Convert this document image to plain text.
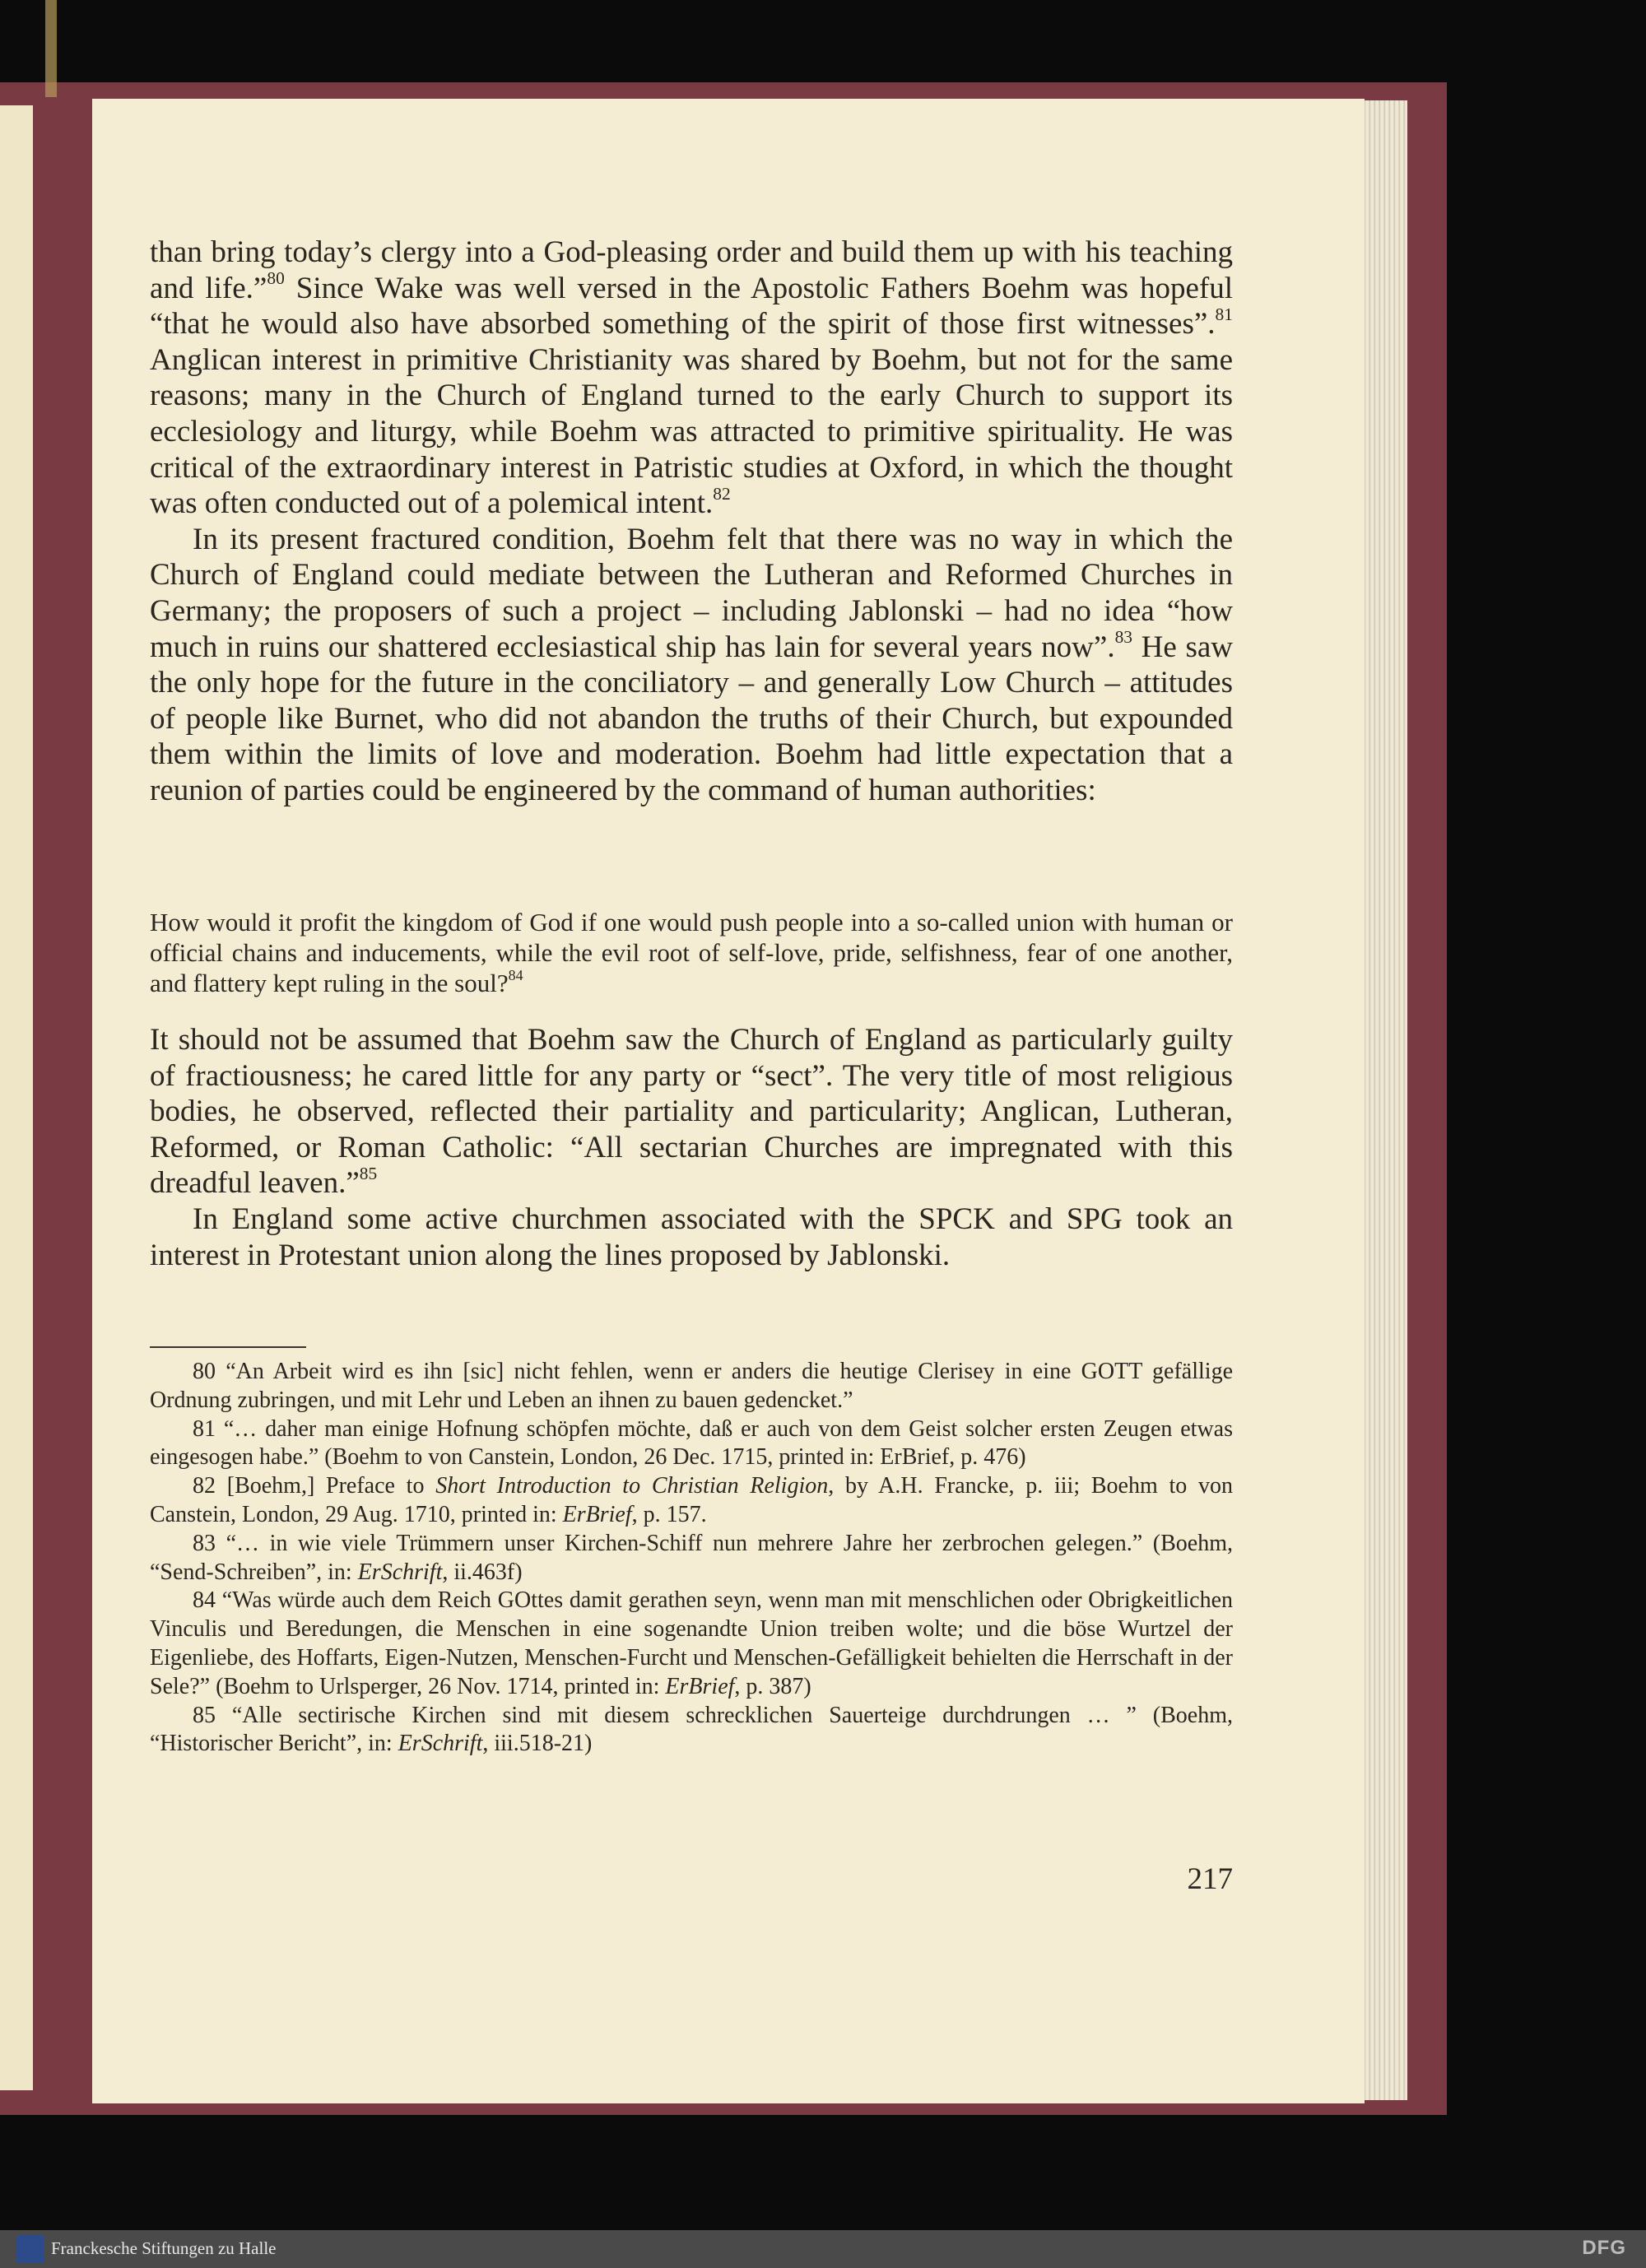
than bring today’s clergy into a God-pleasing order and build them up with his teaching and life.”$^{80}$ Since Wake was well versed in the Apostolic Fathers Boehm was hopeful “that he would also have absorbed something of the spirit of those first witnesses”.$^{81}$ Anglican interest in primitive Christianity was shared by Boehm, but not for the same reasons; many in the Church of England turned to the early Church to support its ecclesiology and liturgy, while Boehm was attracted to primitive spirituality. He was critical of the extraordinary interest in Patristic studies at Oxford, in which the thought was often conducted out of a polemical intent.$^{82}$

In its present fractured condition, Boehm felt that there was no way in which the Church of England could mediate between the Lutheran and Reformed Churches in Germany; the proposers of such a project – including Jablonski – had no idea “how much in ruins our shattered ecclesiastical ship has lain for several years now”.$^{83}$ He saw the only hope for the future in the conciliatory – and generally Low Church – attitudes of people like Burnet, who did not abandon the truths of their Church, but expounded them within the limits of love and moderation. Boehm had little expectation that a reunion of parties could be engineered by the command of human authorities:

How would it profit the kingdom of God if one would push people into a so-called union with human or official chains and inducements, while the evil root of self-love, pride, selfishness, fear of one another, and flattery kept ruling in the soul?$^{84}$

It should not be assumed that Boehm saw the Church of England as particularly guilty of fractiousness; he cared little for any party or “sect”. The very title of most religious bodies, he observed, reflected their partiality and particularity; Anglican, Lutheran, Reformed, or Roman Catholic: “All sectarian Churches are impregnated with this dreadful leaven.”$^{85}$

In England some active churchmen associated with the SPCK and SPG took an interest in Protestant union along the lines proposed by Jablonski.

80 “An Arbeit wird es ihn [sic] nicht fehlen, wenn er anders die heutige Clerisey in eine GOTT gefällige Ordnung zubringen, und mit Lehr und Leben an ihnen zu bauen gedencket.”

81 “… daher man einige Hofnung schöpfen möchte, daß er auch von dem Geist solcher ersten Zeugen etwas eingesogen habe.” (Boehm to von Canstein, London, 26 Dec. 1715, printed in: ErBrief, p. 476)

82 [Boehm,] Preface to Short Introduction to Christian Religion, by A.H. Francke, p. iii; Boehm to von Canstein, London, 29 Aug. 1710, printed in: ErBrief, p. 157.

83 “… in wie viele Trümmern unser Kirchen-Schiff nun mehrere Jahre her zerbrochen gelegen.” (Boehm, “Send-Schreiben”, in: ErSchrift, ii.463f)

84 “Was würde auch dem Reich GOttes damit gerathen seyn, wenn man mit menschlichen oder Obrigkeitlichen Vinculis und Beredungen, die Menschen in eine sogenandte Union treiben wolte; und die böse Wurtzel der Eigenliebe, des Hoffarts, Eigen-Nutzen, Menschen-Furcht und Menschen-Gefälligkeit behielten die Herrschaft in der Sele?” (Boehm to Urlsperger, 26 Nov. 1714, printed in: ErBrief, p. 387)

85 “Alle sectirische Kirchen sind mit diesem schrecklichen Sauerteige durchdrungen … ” (Boehm, “Historischer Bericht”, in: ErSchrift, iii.518-21)

217

Franckesche Stiftungen zu Halle	DFG
